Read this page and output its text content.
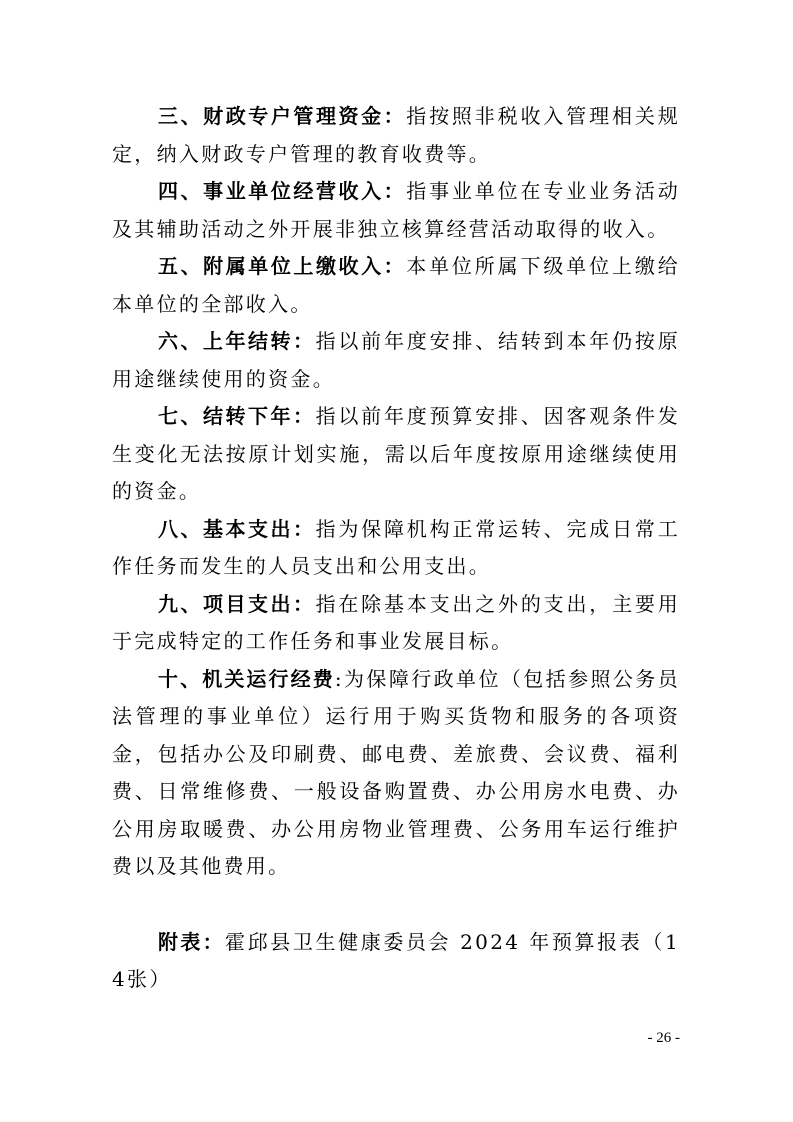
三、财政专户管理资金：指按照非税收入管理相关规定，纳入财政专户管理的教育收费等。

四、事业单位经营收入：指事业单位在专业业务活动及其辅助活动之外开展非独立核算经营活动取得的收入。

五、附属单位上缴收入：本单位所属下级单位上缴给本单位的全部收入。

六、上年结转：指以前年度安排、结转到本年仍按原用途继续使用的资金。

七、结转下年：指以前年度预算安排、因客观条件发生变化无法按原计划实施，需以后年度按原用途继续使用的资金。

八、基本支出：指为保障机构正常运转、完成日常工作任务而发生的人员支出和公用支出。

九、项目支出：指在除基本支出之外的支出，主要用于完成特定的工作任务和事业发展目标。

十、机关运行经费:为保障行政单位（包括参照公务员法管理的事业单位）运行用于购买货物和服务的各项资金，包括办公及印刷费、邮电费、差旅费、会议费、福利费、日常维修费、一般设备购置费、办公用房水电费、办公用房取暖费、办公用房物业管理费、公务用车运行维护费以及其他费用。

附表：霍邱县卫生健康委员会 2024 年预算报表（14张）

- 26 -
